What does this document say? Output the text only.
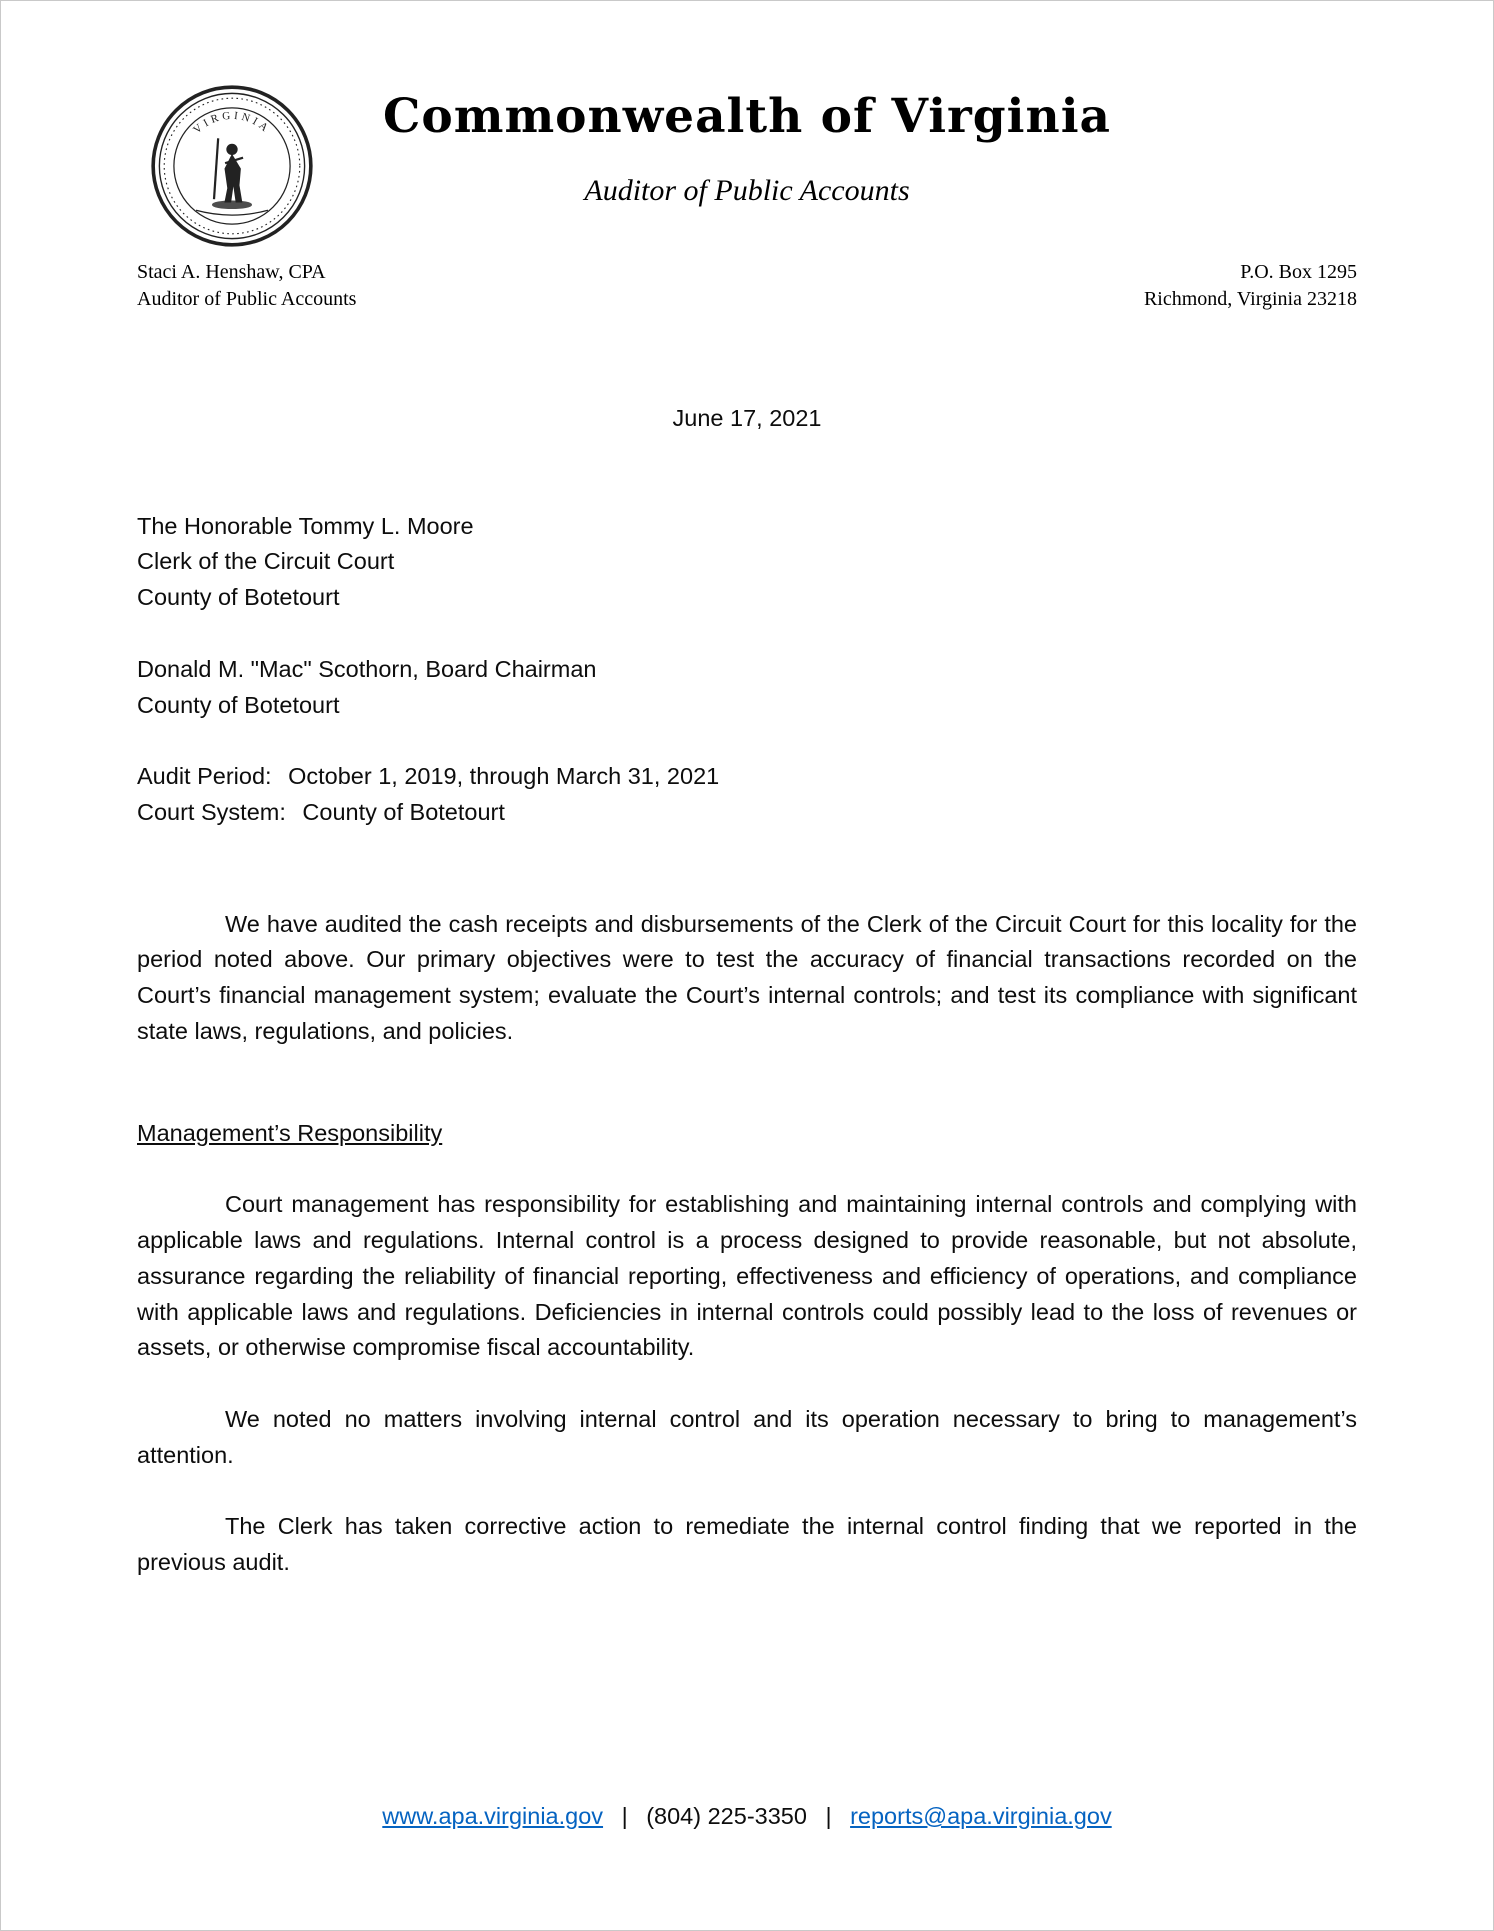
VIRGINIA	Commonwealth of Virginia
Auditor of Public Accounts
Staci A. Henshaw, CPA
Auditor of Public Accounts
P.O. Box 1295
Richmond, Virginia 23218
June 17, 2021
The Honorable Tommy L. Moore
Clerk of the Circuit Court
County of Botetourt
Donald M. "Mac" Scothorn, Board Chairman
County of Botetourt
Audit Period: October 1, 2019, through March 31, 2021
Court System: County of Botetourt

We have audited the cash receipts and disbursements of the Clerk of the Circuit Court for this locality for the period noted above. Our primary objectives were to test the accuracy of financial transactions recorded on the Court’s financial management system; evaluate the Court’s internal controls; and test its compliance with significant state laws, regulations, and policies.

Management’s Responsibility

Court management has responsibility for establishing and maintaining internal controls and complying with applicable laws and regulations. Internal control is a process designed to provide reasonable, but not absolute, assurance regarding the reliability of financial reporting, effectiveness and efficiency of operations, and compliance with applicable laws and regulations. Deficiencies in internal controls could possibly lead to the loss of revenues or assets, or otherwise compromise fiscal accountability.

We noted no matters involving internal control and its operation necessary to bring to management’s attention.

The Clerk has taken corrective action to remediate the internal control finding that we reported in the previous audit.

www.apa.virginia.gov | (804) 225-3350 | reports@apa.virginia.gov
